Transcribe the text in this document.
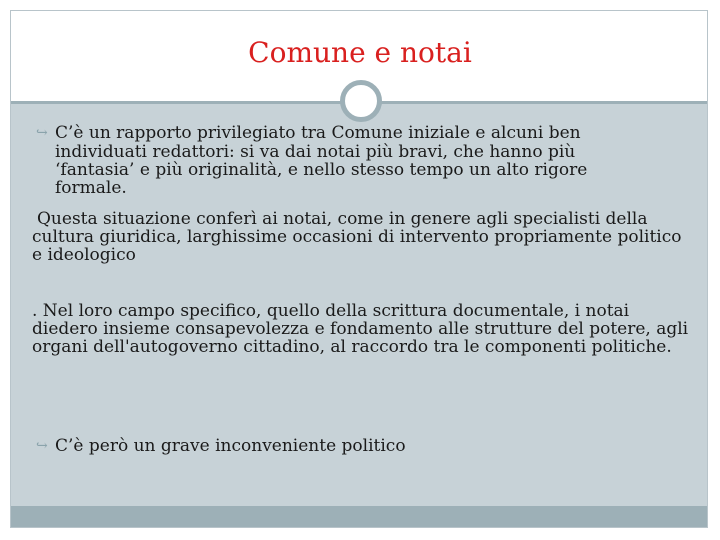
Comune e notai
↪ C’è un rapporto privilegiato tra Comune iniziale e alcuni ben
individuati redattori: si va dai notai più bravi, che hanno più ‘fantasia’ e più originalità, e nello stesso tempo un alto rigore formale.
Questa situazione conferì ai notai, come in genere agli specialisti della cultura giuridica, larghissime occasioni di intervento propriamente politico e ideologico
. Nel loro campo specifico, quello della scrittura documentale, i notai diedero insieme consapevolezza e fondamento alle strutture del potere, agli organi dell'autogoverno cittadino, al raccordo tra le componenti politiche.
↪ C’è però un grave inconveniente politico
